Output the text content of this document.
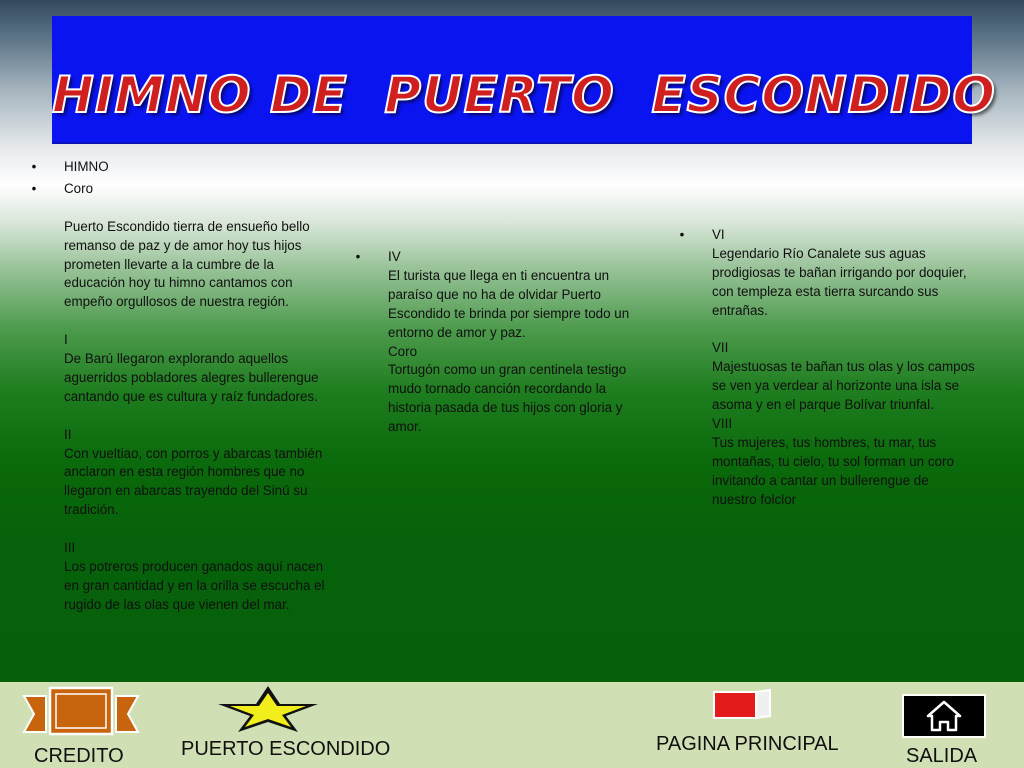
HIMNO DE  PUERTO  ESCONDIDO
• HIMNO
• Coro
Puerto Escondido tierra de ensueño bello
remanso de paz y de amor hoy tus hijos
prometen llevarte a la cumbre de la
educación hoy tu himno cantamos con
empeño orgullosos de nuestra región.
I
De Barú llegaron explorando aquellos
aguerridos pobladores alegres bullerengue
cantando que es cultura y raíz fundadores.
II
Con vueltiao, con porros y abarcas también
anclaron en esta región hombres que no
llegaron en abarcas trayendo del Sinú su
tradición.
III
Los potreros producen ganados aquí nacen
en gran cantidad y en la orilla se escucha el
rugido de las olas que vienen del mar.
• IV
El turista que llega en ti encuentra un
paraíso que no ha de olvidar Puerto
Escondido te brinda por siempre todo un
entorno de amor y paz.
Coro
Tortugón como un gran centinela testigo
mudo tornado canción recordando la
historia pasada de tus hijos con gloria y
amor.
• VI
Legendario Río Canalete sus aguas
prodigiosas te bañan irrigando por doquier,
con templeza esta tierra surcando sus
entrañas.
VII
Majestuosas te bañan tus olas y los campos
se ven ya verdear al horizonte una isla se
asoma y en el parque Bolívar triunfal.
VIII
Tus mujeres, tus hombres, tu mar, tus
montañas, tu cielo, tu sol forman un coro
invitando a cantar un bullerengue de
nuestro folclor
CREDITO	PUERTO ESCONDIDO	PAGINA PRINCIPAL
SALIDA
